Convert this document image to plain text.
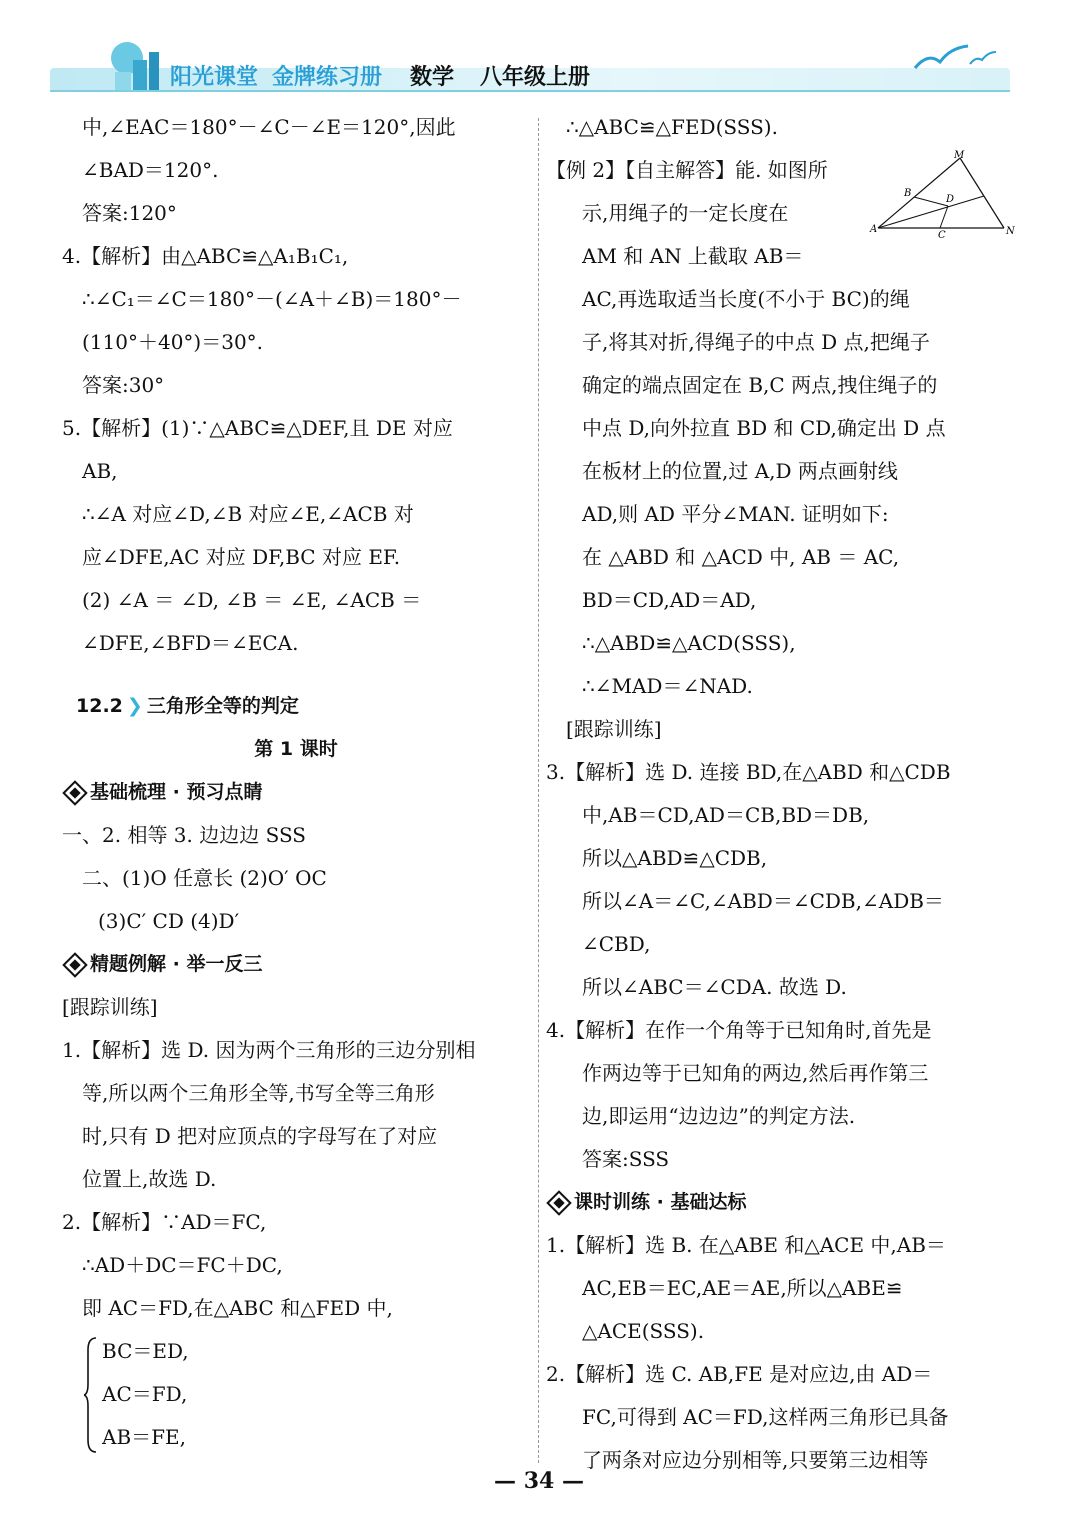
阳光课堂 金牌练习册 数学 八年级上册
中,∠EAC＝180°－∠C－∠E＝120°,因此
∠BAD＝120°.
答案:120°
4.【解析】由△ABC≌△A₁B₁C₁,
∴∠C₁＝∠C＝180°－(∠A＋∠B)＝180°－
(110°＋40°)＝30°.
答案:30°
5.【解析】(1)∵△ABC≌△DEF,且 DE 对应
AB,
∴∠A 对应∠D,∠B 对应∠E,∠ACB 对
应∠DFE,AC 对应 DF,BC 对应 EF.
(2) ∠A ＝ ∠D, ∠B ＝ ∠E, ∠ACB ＝
∠DFE,∠BFD＝∠ECA.
12.2 ❯ 三角形全等的判定
第 1 课时
基础梳理 · 预习点睛
一、2. 相等 3. 边边边 SSS
二、(1)O 任意长 (2)O′ OC
(3)C′ CD (4)D′
精题例解 · 举一反三
[跟踪训练]
1.【解析】选 D. 因为两个三角形的三边分别相
等,所以两个三角形全等,书写全等三角形
时,只有 D 把对应顶点的字母写在了对应
位置上,故选 D.
2.【解析】∵AD＝FC,
∴AD＋DC＝FC＋DC,
即 AC＝FD,在△ABC 和△FED 中,
BC＝ED,
AC＝FD,
AB＝FE,
∴△ABC≌△FED(SSS).
【例 2】【自主解答】能. 如图所
示,用绳子的一定长度在
AM 和 AN 上截取 AB＝
AC,再选取适当长度(不小于 BC)的绳
子,将其对折,得绳子的中点 D 点,把绳子
确定的端点固定在 B,C 两点,拽住绳子的
中点 D,向外拉直 BD 和 CD,确定出 D 点
在板材上的位置,过 A,D 两点画射线
AD,则 AD 平分∠MAN. 证明如下:
在 △ABD 和 △ACD 中, AB ＝ AC,
BD＝CD,AD＝AD,
∴△ABD≌△ACD(SSS),
∴∠MAD＝∠NAD.
[跟踪训练]
3.【解析】选 D. 连接 BD,在△ABD 和△CDB
中,AB＝CD,AD＝CB,BD＝DB,
所以△ABD≌△CDB,
所以∠A＝∠C,∠ABD＝∠CDB,∠ADB＝
∠CBD,
所以∠ABC＝∠CDA. 故选 D.
4.【解析】在作一个角等于已知角时,首先是
作两边等于已知角的两边,然后再作第三
边,即运用“边边边”的判定方法.
答案:SSS
课时训练 · 基础达标
1.【解析】选 B. 在△ABE 和△ACE 中,AB＝
AC,EB＝EC,AE＝AE,所以△ABE≌
△ACE(SSS).
2.【解析】选 C. AB,FE 是对应边,由 AD＝
FC,可得到 AC＝FD,这样两三角形已具备
了两条对应边分别相等,只要第三边相等
M
B
D
A
C	N
— 34 —
